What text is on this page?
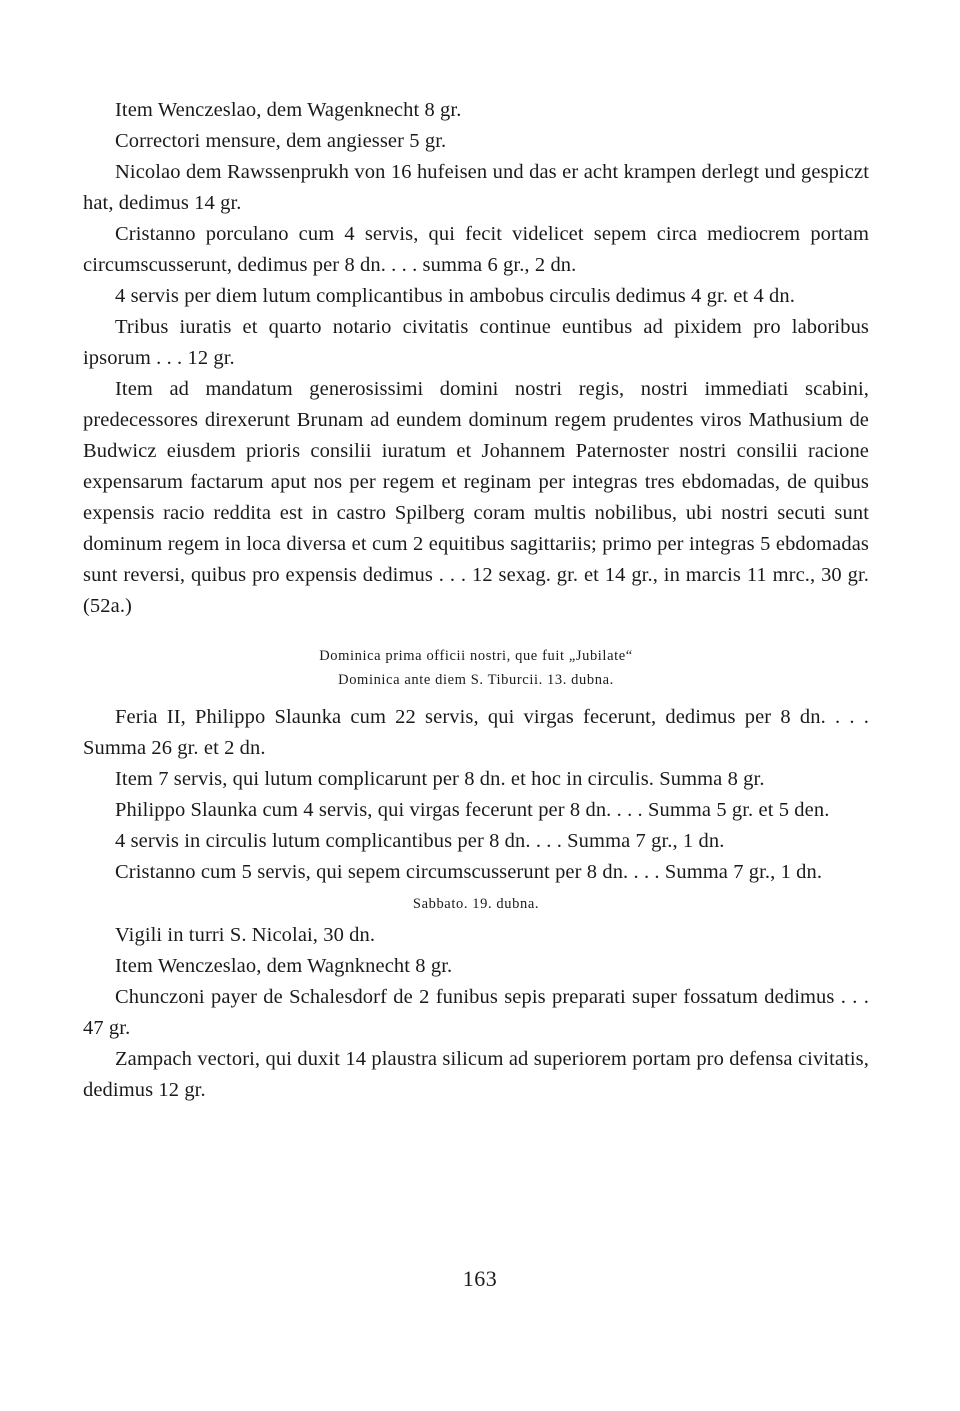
Item Wenczeslao, dem Wagenknecht 8 gr.

Correctori mensure, dem angiesser 5 gr.

Nicolao dem Rawssenprukh von 16 hufeisen und das er acht krampen derlegt und gespiczt hat, dedimus 14 gr.

Cristanno porculano cum 4 servis, qui fecit videlicet sepem circa mediocrem portam circumscusserunt, dedimus per 8 dn. . . . summa 6 gr., 2 dn.

4 servis per diem lutum complicantibus in ambobus circulis dedimus 4 gr. et 4 dn.

Tribus iuratis et quarto notario civitatis continue euntibus ad pixidem pro laboribus ipsorum . . . 12 gr.

Item ad mandatum generosissimi domini nostri regis, nostri immediati scabini, predecessores direxerunt Brunam ad eundem dominum regem prudentes viros Mathusium de Budwicz eiusdem prioris consilii iuratum et Johannem Paternoster nostri consilii racione expensarum factarum aput nos per regem et reginam per integras tres ebdomadas, de quibus expensis racio reddita est in castro Spilberg coram multis nobilibus, ubi nostri secuti sunt dominum regem in loca diversa et cum 2 equitibus sagittariis; primo per integras 5 ebdomadas sunt reversi, quibus pro expensis dedimus . . . 12 sexag. gr. et 14 gr., in marcis 11 mrc., 30 gr. (52a.)

Dominica prima officii nostri, que fuit „Jubilate“

Dominica ante diem S. Tiburcii. 13. dubna.

Feria II, Philippo Slaunka cum 22 servis, qui virgas fecerunt, dedimus per 8 dn. . . . Summa 26 gr. et 2 dn.

Item 7 servis, qui lutum complicarunt per 8 dn. et hoc in circulis. Summa 8 gr.

Philippo Slaunka cum 4 servis, qui virgas fecerunt per 8 dn. . . . Summa 5 gr. et 5 den.

4 servis in circulis lutum complicantibus per 8 dn. . . . Summa 7 gr., 1 dn.

Cristanno cum 5 servis, qui sepem circumscusserunt per 8 dn. . . . Summa 7 gr., 1 dn.

Sabbato. 19. dubna.

Vigili in turri S. Nicolai, 30 dn.

Item Wenczeslao, dem Wagnknecht 8 gr.

Chunczoni payer de Schalesdorf de 2 funibus sepis preparati super fossatum dedimus . . . 47 gr.

Zampach vectori, qui duxit 14 plaustra silicum ad superiorem portam pro defensa civitatis, dedimus 12 gr.

163
